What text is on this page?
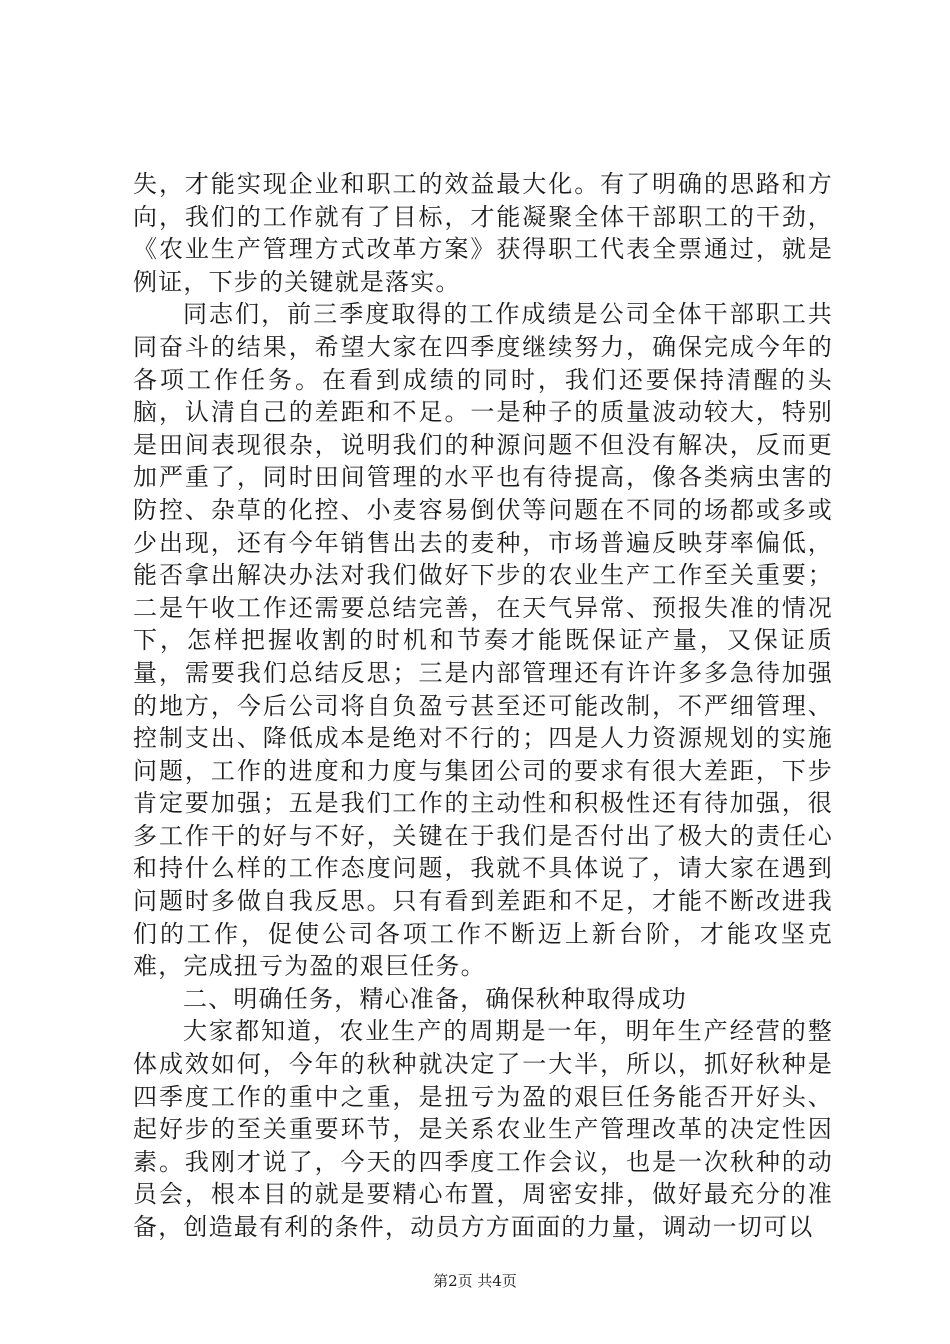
失，才能实现企业和职工的效益最大化。有了明确的思路和方向，我们的工作就有了目标，才能凝聚全体干部职工的干劲，《农业生产管理方式改革方案》获得职工代表全票通过，就是例证，下步的关键就是落实。

同志们，前三季度取得的工作成绩是公司全体干部职工共同奋斗的结果，希望大家在四季度继续努力，确保完成今年的各项工作任务。在看到成绩的同时，我们还要保持清醒的头脑，认清自己的差距和不足。一是种子的质量波动较大，特别是田间表现很杂，说明我们的种源问题不但没有解决，反而更加严重了，同时田间管理的水平也有待提高，像各类病虫害的防控、杂草的化控、小麦容易倒伏等问题在不同的场都或多或少出现，还有今年销售出去的麦种，市场普遍反映芽率偏低，能否拿出解决办法对我们做好下步的农业生产工作至关重要；二是午收工作还需要总结完善，在天气异常、预报失准的情况下，怎样把握收割的时机和节奏才能既保证产量，又保证质量，需要我们总结反思；三是内部管理还有许许多多急待加强的地方，今后公司将自负盈亏甚至还可能改制，不严细管理、控制支出、降低成本是绝对不行的；四是人力资源规划的实施问题，工作的进度和力度与集团公司的要求有很大差距，下步肯定要加强；五是我们工作的主动性和积极性还有待加强，很多工作干的好与不好，关键在于我们是否付出了极大的责任心和持什么样的工作态度问题，我就不具体说了，请大家在遇到问题时多做自我反思。只有看到差距和不足，才能不断改进我们的工作，促使公司各项工作不断迈上新台阶，才能攻坚克难，完成扭亏为盈的艰巨任务。

二、明确任务，精心准备，确保秋种取得成功

大家都知道，农业生产的周期是一年，明年生产经营的整体成效如何，今年的秋种就决定了一大半，所以，抓好秋种是四季度工作的重中之重，是扭亏为盈的艰巨任务能否开好头、起好步的至关重要环节，是关系农业生产管理改革的决定性因素。我刚才说了，今天的四季度工作会议，也是一次秋种的动员会，根本目的就是要精心布置，周密安排，做好最充分的准备，创造最有利的条件，动员方方面面的力量，调动一切可以

第2页 共4页
